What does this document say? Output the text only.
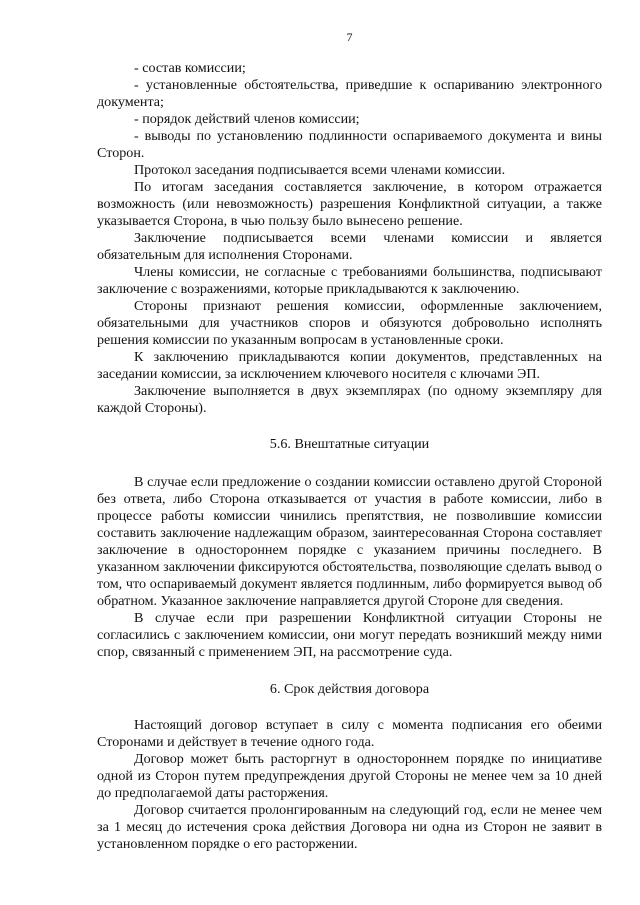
7

- состав комиссии;

- установленные обстоятельства, приведшие к оспариванию электронного документа;

- порядок действий членов комиссии;

- выводы по установлению подлинности оспариваемого документа и вины Сторон.

Протокол заседания подписывается всеми членами комиссии.

По итогам заседания составляется заключение, в котором отражается возможность (или невозможность) разрешения Конфликтной ситуации, а также указывается Сторона, в чью пользу было вынесено решение.

Заключение подписывается всеми членами комиссии и является обязательным для исполнения Сторонами.

Члены комиссии, не согласные с требованиями большинства, подписывают заключение с возражениями, которые прикладываются к заключению.

Стороны признают решения комиссии, оформленные заключением, обязательными для участников споров и обязуются добровольно исполнять решения комиссии по указанным вопросам в установленные сроки.

К заключению прикладываются копии документов, представленных на заседании комиссии, за исключением ключевого носителя с ключами ЭП.

Заключение выполняется в двух экземплярах (по одному экземпляру для каждой Стороны).

5.6. Внештатные ситуации

В случае если предложение о создании комиссии оставлено другой Стороной без ответа, либо Сторона отказывается от участия в работе комиссии, либо в процессе работы комиссии чинились препятствия, не позволившие комиссии составить заключение надлежащим образом, заинтересованная Сторона составляет заключение в одностороннем порядке с указанием причины последнего. В указанном заключении фиксируются обстоятельства, позволяющие сделать вывод о том, что оспариваемый документ является подлинным, либо формируется вывод об обратном. Указанное заключение направляется другой Стороне для сведения.

В случае если при разрешении Конфликтной ситуации Стороны не согласились с заключением комиссии, они могут передать возникший между ними спор, связанный с применением ЭП, на рассмотрение суда.

6. Срок действия договора

Настоящий договор вступает в силу с момента подписания его обеими Сторонами и действует в течение одного года.

Договор может быть расторгнут в одностороннем порядке по инициативе одной из Сторон путем предупреждения другой Стороны не менее чем за 10 дней до предполагаемой даты расторжения.

Договор считается пролонгированным на следующий год, если не менее чем за 1 месяц до истечения срока действия Договора ни одна из Сторон не заявит в установленном порядке о его расторжении.
